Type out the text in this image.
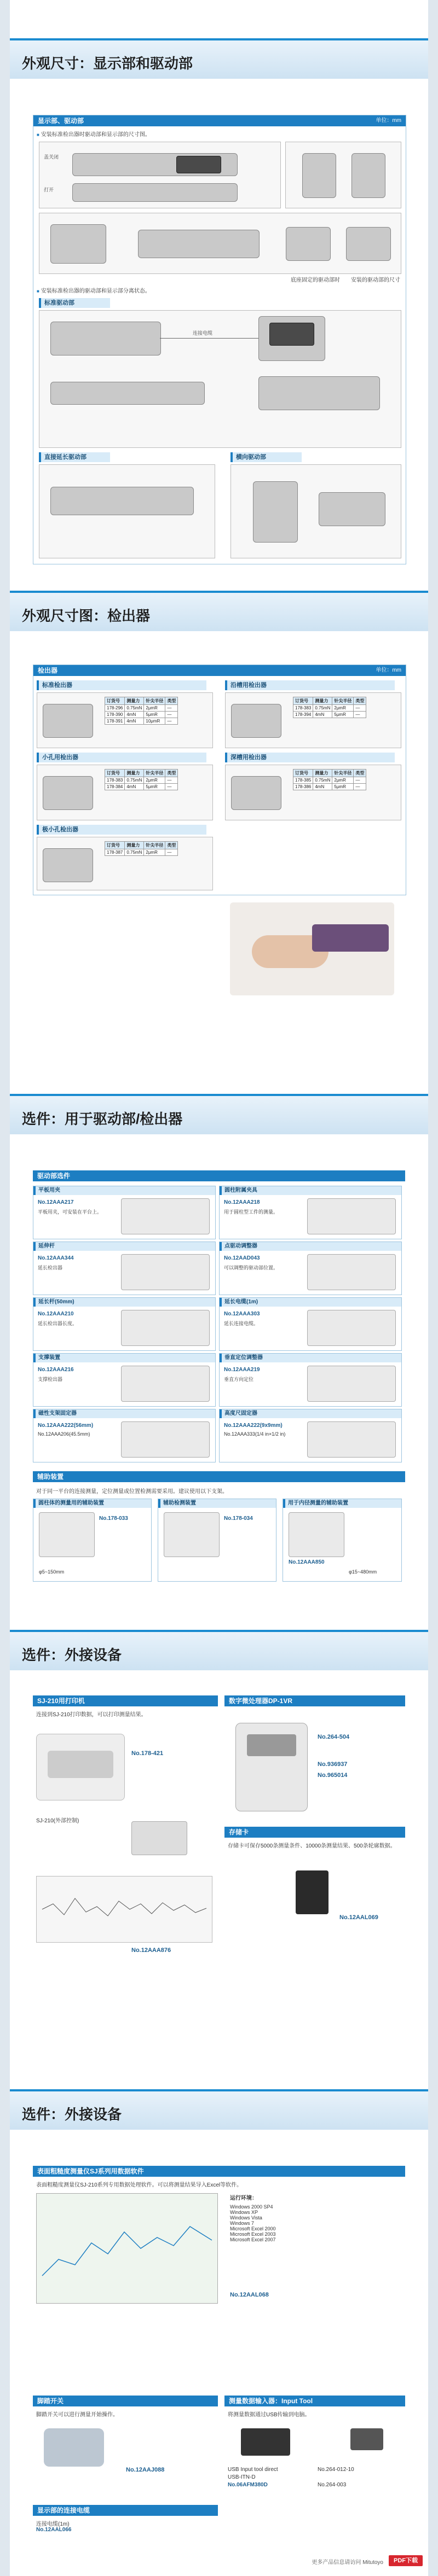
外观尺寸：显示部和驱动部
显示部、驱动部	单位：mm
■ 安装标准检出器时驱动部和显示部的尺寸图。
盖关闭
打开
底座固定的驱动部时 安装的驱动部的尺寸
■ 安装标准检出器的驱动部和显示部分离状态。
标准驱动部
连接电缆
直接延长驱动部	横向驱动部
外观尺寸图：检出器
检出器	单位：mm
标准检出器
订货号	测量力	针尖半径	类型
178-296	0.75mN	2μmR	—
178-390	4mN	5μmR	—
178-391	4mN	10μmR	—
沿槽用检出器
订货号	测量力	针尖半径	类型
178-383	0.75mN	2μmR	—
178-394	4mN	5μmR	—
小孔用检出器
订货号	测量力	针尖半径	类型
178-383	0.75mN	2μmR	—
178-384	4mN	5μmR	—
深槽用检出器
订货号	测量力	针尖半径	类型
178-385	0.75mN	2μmR	—
178-386	4mN	5μmR	—
极小孔检出器
订货号	测量力	针尖半径	类型
178-387	0.75mN	2μmR	—
选件：用于驱动部/检出器
驱动部选件
平板用夹
No.12AAA217
平板用夹，可安装在平台上。
圆柱附属夹具
No.12AAA218
用于圆柱型工件的测量。
延伸杆
No.12AAA344
延长检出器
点驱动调整器
No.12AAD043
可以调整的驱动部位置。
延长杆(50mm)
No.12AAA210
延长检出器长度。
延长电缆(1m)
No.12AAA303
延长连接电缆。
支撑装置
No.12AAA216
支撑检出器
垂直定位调整器
No.12AAA219
垂直方向定位
磁性支架固定器
No.12AAA222(56mm)
No.12AAA206(45.5mm)
高度尺固定器
No.12AAA222(9x9mm)
No.12AAA333(1/4 in×1/2 in)
辅助装置
对于同一平台的连接测量，定位测量或位置检测需要采用。建议使用以下支架。
圆柱体的测量用的辅助装置
No.178-033
φ5~150mm
辅助检测装置
No.178-034
用于内径测量的辅助装置
No.12AAA850
φ15~480mm
选件：外接设备
SJ-210用打印机
连接到SJ-210打印数据，可以打印测量结果。
No.178-421
SJ-210(外部控制)
No.12AAA876
数字微处理器DP-1VR
No.264-504
No.936937
No.965014
存储卡
存储卡可保存5000条测量条件、10000条测量结果、500条轮廓数据。
No.12AAL069
选件：外接设备
表面粗糙度测量仪SJ系列用数据软件
表面粗糙度测量仪SJ-210系列专用数据处理软件。可以将测量结果导入Excel等软件。
运行环境：
Windows 2000 SP4
Windows XP
Windows Vista
Windows 7
Microsoft Excel 2000
Microsoft Excel 2003
Microsoft Excel 2007
No.12AAL068
脚踏开关
脚踏开关可以进行测量开始操作。
No.12AAJ088
测量数据输入器：Input Tool
将测量数据通过USB传输到电脑。
USB Input tool direct
USB-ITN-D
No.06AFM380D
No.264-012-10
No.264-003
显示部的连接电缆
连接电缆(1m)
No.12AAL066
更多产品信息请访问 Mitutoyo	PDF下载
